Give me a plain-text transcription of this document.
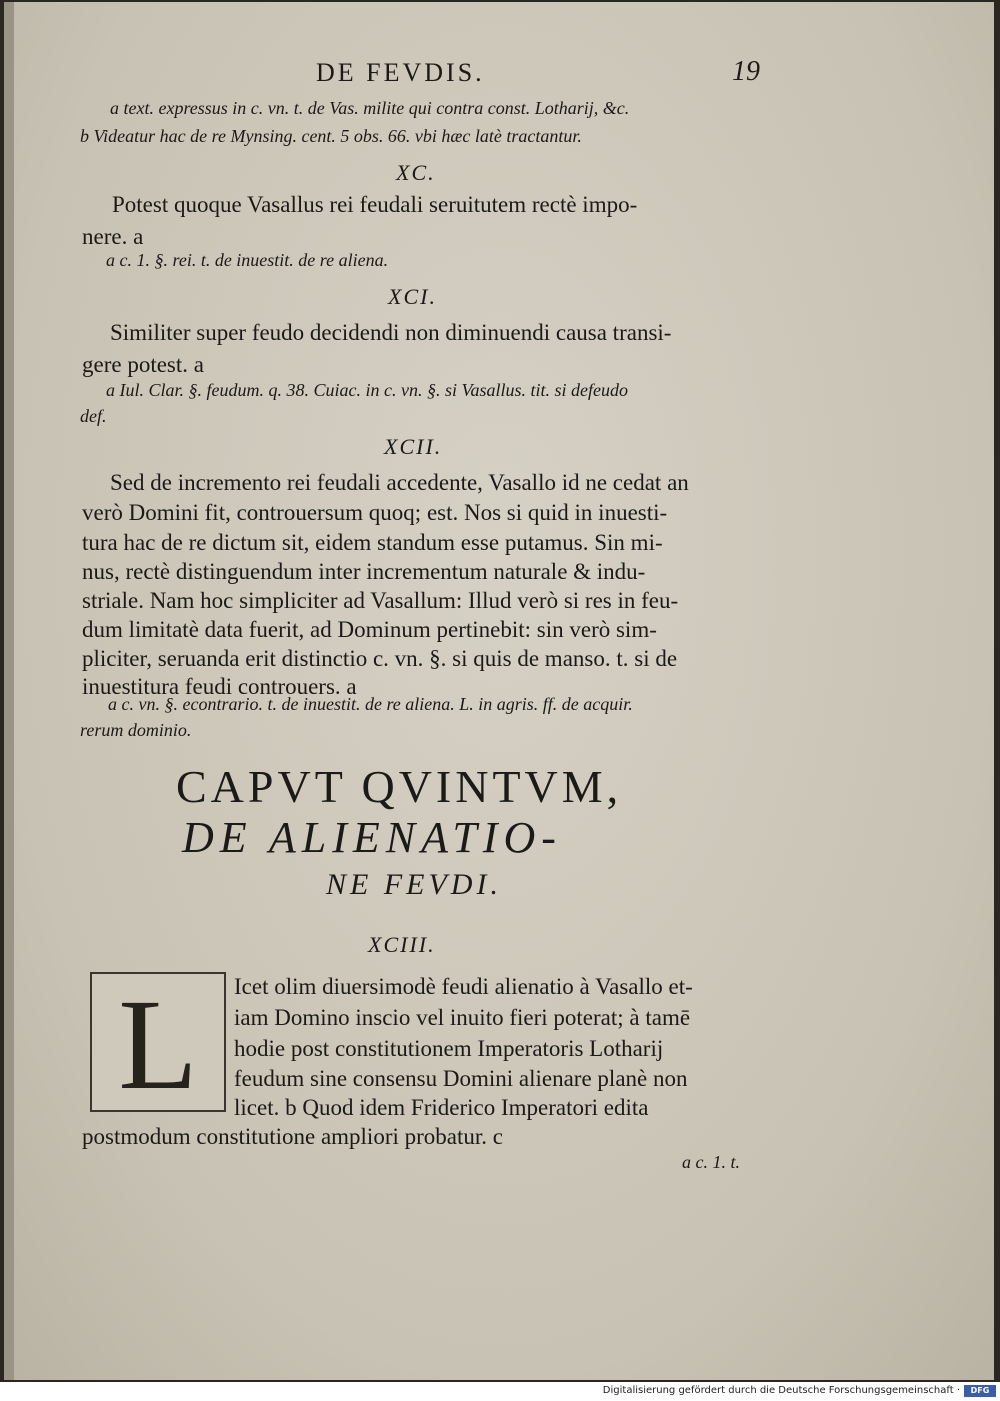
DE FEVDIS.	19

a text. expressus in c. vn. t. de Vas. milite qui contra const. Lotharij, &c.

b Videatur hac de re Mynsing. cent. 5 obs. 66. vbi hæc latè tractantur.

XC.

Potest quoque Vasallus rei feudali seruitutem rectè impo-

nere. a

a c. 1. §. rei. t. de inuestit. de re aliena.

XCI.

Similiter super feudo decidendi non diminuendi causa transi-

gere potest. a

a Iul. Clar. §. feudum. q. 38. Cuiac. in c. vn. §. si Vasallus. tit. si defeudo

def.

XCII.

Sed de incremento rei feudali accedente, Vasallo id ne cedat an

verò Domini fit, controuersum quoq; est. Nos si quid in inuesti-

tura hac de re dictum sit, eidem standum esse putamus. Sin mi-

nus, rectè distinguendum inter incrementum naturale & indu-

striale. Nam hoc simpliciter ad Vasallum: Illud verò si res in feu-

dum limitatè data fuerit, ad Dominum pertinebit: sin verò sim-

pliciter, seruanda erit distinctio c. vn. §. si quis de manso. t. si de

inuestitura feudi controuers. a

a c. vn. §. econtrario. t. de inuestit. de re aliena. L. in agris. ff. de acquir.

rerum dominio.

CAPVT QVINTVM,

DE ALIENATIO-

NE FEVDI.

XCIII.

L	Icet olim diuersimodè feudi alienatio à Vasallo et-

iam Domino inscio vel inuito fieri poterat; à tamē

hodie post constitutionem Imperatoris Lotharij

feudum sine consensu Domini alienare planè non

licet. b Quod idem Friderico Imperatori edita

postmodum constitutione ampliori probatur. c

a c. 1. t.

Digitalisierung gefördert durch die Deutsche Forschungsgemeinschaft ·	DFG
